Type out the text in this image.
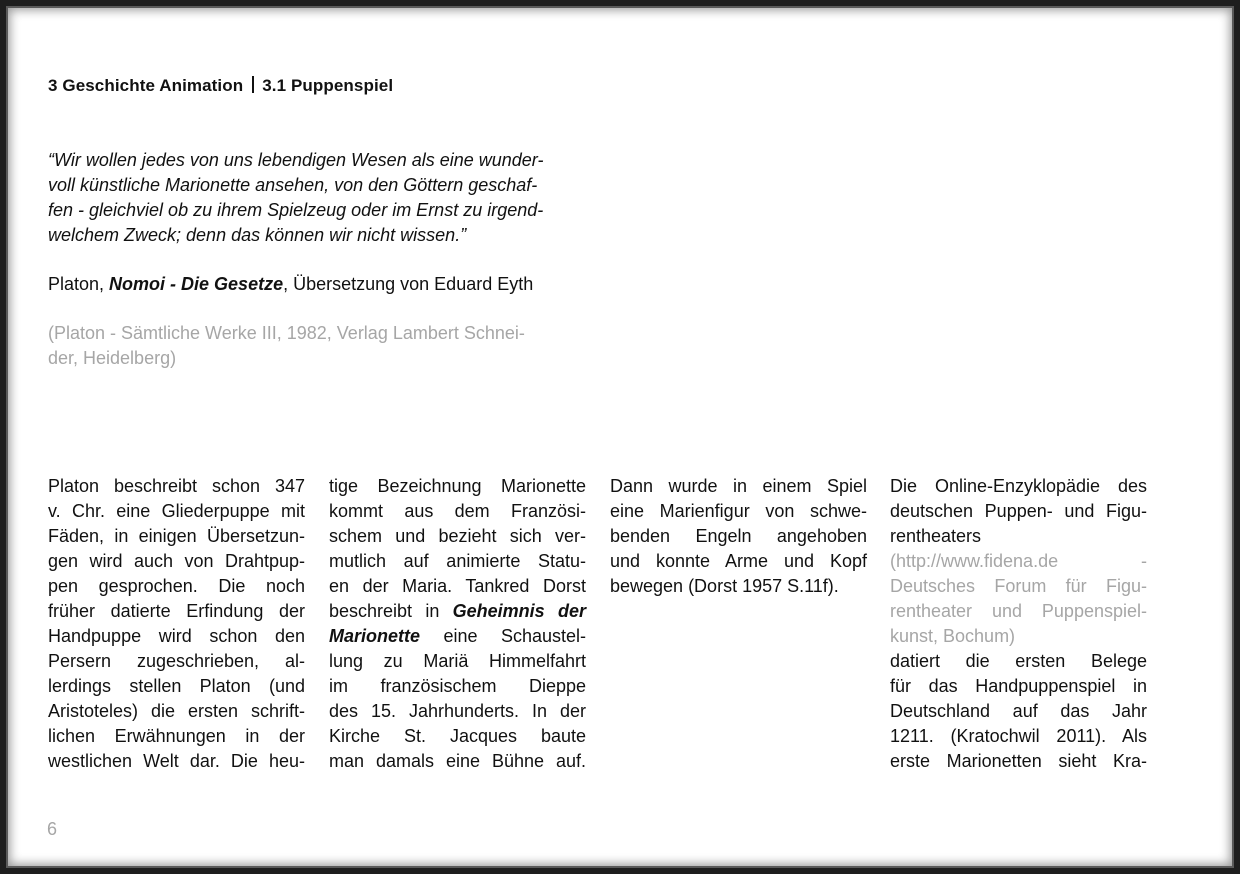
3 Geschichte Animation 3.1 Puppenspiel
“Wir wollen jedes von uns lebendigen Wesen als eine wunder-
voll künstliche Marionette ansehen, von den Göttern geschaf-
fen - gleichviel ob zu ihrem Spielzeug oder im Ernst zu irgend-
welchem Zweck; denn das können wir nicht wissen.”
Platon, Nomoi - Die Gesetze, Übersetzung von Eduard Eyth
(Platon - Sämtliche Werke III, 1982, Verlag Lambert Schnei-
der, Heidelberg)
Platon beschreibt schon 347
v. Chr. eine Gliederpuppe mit
Fäden, in einigen Übersetzun-
gen wird auch von Drahtpup-
pen gesprochen. Die noch
früher datierte Erfindung der
Handpuppe wird schon den
Persern zugeschrieben, al-
lerdings stellen Platon (und
Aristoteles) die ersten schrift-
lichen Erwähnungen in der
westlichen Welt dar. Die heu-
tige Bezeichnung Marionette
kommt aus dem Französi-
schem und bezieht sich ver-
mutlich auf animierte Statu-
en der Maria. Tankred Dorst
beschreibt in Geheimnis der
Marionette eine Schaustel-
lung zu Mariä Himmelfahrt
im französischem Dieppe
des 15. Jahrhunderts. In der
Kirche St. Jacques baute
man damals eine Bühne auf.
Dann wurde in einem Spiel
eine Marienfigur von schwe-
benden Engeln angehoben
und konnte Arme und Kopf
bewegen (Dorst 1957 S.11f).
Die Online-Enzyklopädie des
deutschen Puppen- und Figu-
rentheaters
(http://www.fidena.de	-
Deutsches Forum für Figu-
rentheater und Puppenspiel-
kunst, Bochum)
datiert die ersten Belege
für das Handpuppenspiel in
Deutschland auf das Jahr
1211. (Kratochwil 2011). Als
erste Marionetten sieht Kra-
6
